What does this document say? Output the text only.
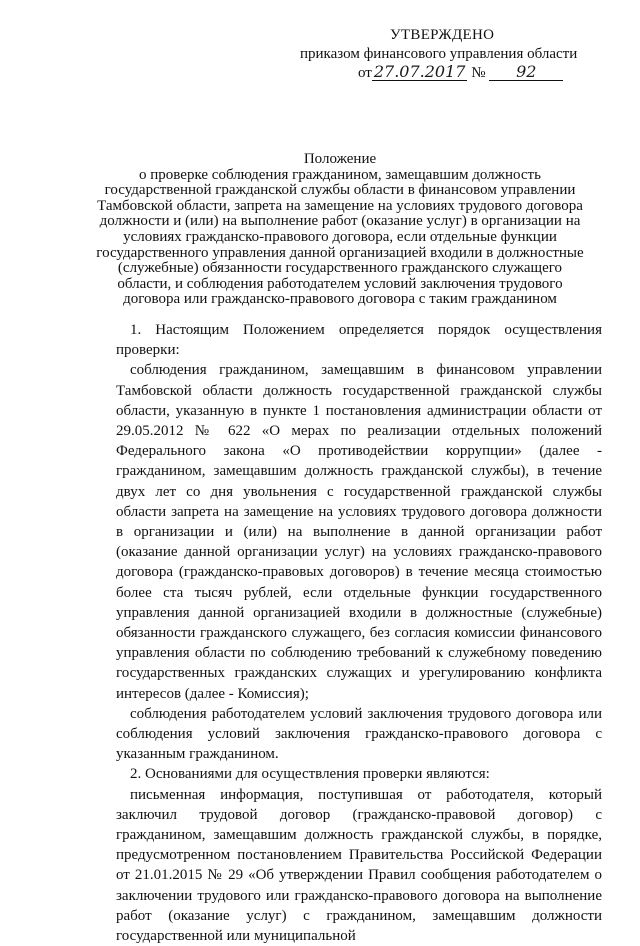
УТВЕРЖДЕНО
приказом финансового управления области
от 27.07.2017 № 92
Положение
о проверке соблюдения гражданином, замещавшим должность
государственной гражданской службы области в финансовом управлении
Тамбовской области, запрета на замещение на условиях трудового договора
должности и (или) на выполнение работ (оказание услуг) в организации на
условиях гражданско-правового договора, если отдельные функции
государственного управления данной организацией входили в должностные
(служебные) обязанности государственного гражданского служащего
области, и соблюдения работодателем условий заключения трудового
договора или гражданско-правового договора с таким гражданином

1. Настоящим Положением определяется порядок осуществления проверки:

соблюдения гражданином, замещавшим в финансовом управлении Тамбовской области должность государственной гражданской службы области, указанную в пункте 1 постановления администрации области от 29.05.2012 № 622 «О мерах по реализации отдельных положений Федерального закона «О противодействии коррупции» (далее - гражданином, замещавшим должность гражданской службы), в течение двух лет со дня увольнения с государственной гражданской службы области запрета на замещение на условиях трудового договора должности в организации и (или) на выполнение в данной организации работ (оказание данной организации услуг) на условиях гражданско-правового договора (гражданско-правовых договоров) в течение месяца стоимостью более ста тысяч рублей, если отдельные функции государственного управления данной организацией входили в должностные (служебные) обязанности гражданского служащего, без согласия комиссии финансового управления области по соблюдению требований к служебному поведению государственных гражданских служащих и урегулированию конфликта интересов (далее - Комиссия);

соблюдения работодателем условий заключения трудового договора или соблюдения условий заключения гражданско-правового договора с указанным гражданином.

2. Основаниями для осуществления проверки являются:

письменная информация, поступившая от работодателя, который заключил трудовой договор (гражданско-правовой договор) с гражданином, замещавшим должность гражданской службы, в порядке, предусмотренном постановлением Правительства Российской Федерации от 21.01.2015 № 29 «Об утверждении Правил сообщения работодателем о заключении трудового или гражданско-правового договора на выполнение работ (оказание услуг) с гражданином, замещавшим должности государственной или муниципальной
